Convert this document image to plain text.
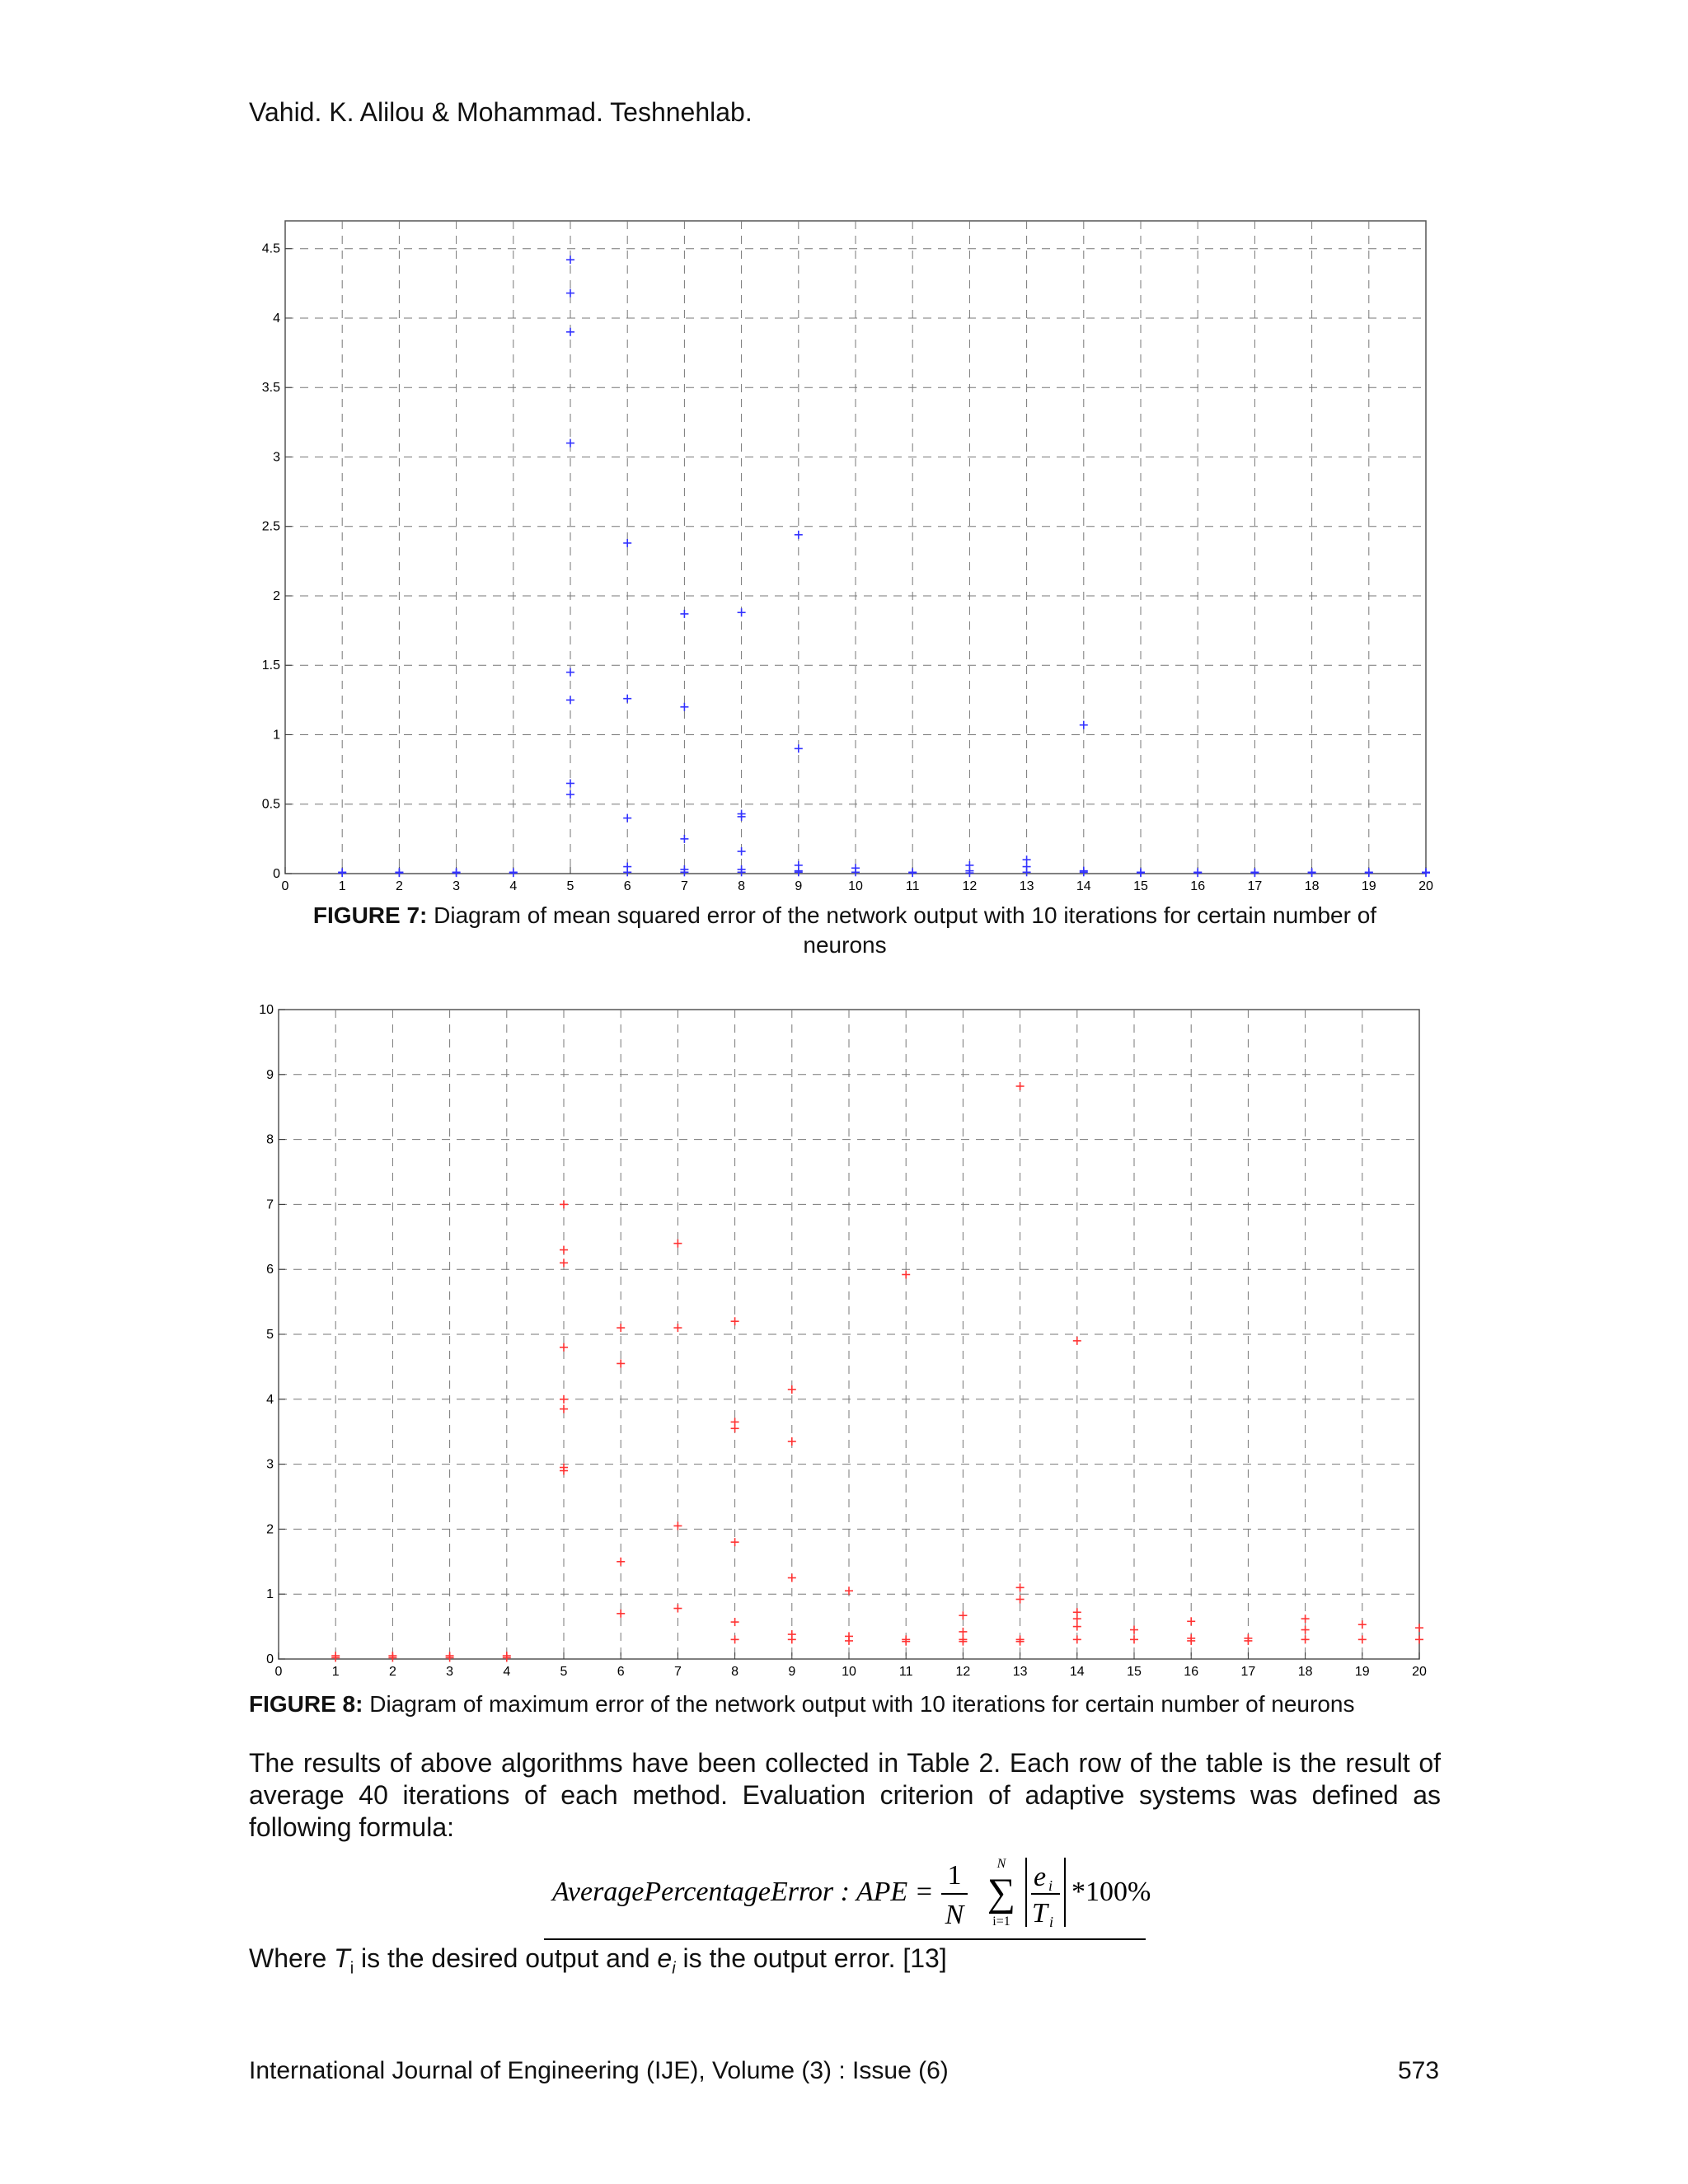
Vahid. K. Alilou & Mohammad. Teshnehlab.
0	1	2	3	4	5	6	7	8	9	10	11	12	13	14	15	16	17	18	19	20
0
0.5
1
1.5
2
2.5
3
3.5
4
4.5
FIGURE 7: Diagram of mean squared error of the network output with 10 iterations for certain number of
neurons
0	1	2	3	4	5	6	7	8	9	10	11	12	13	14	15	16	17	18	19	20
0
1
2
3
4
5
6
7
8
9
10
FIGURE 8: Diagram of maximum error of the network output with 10 iterations for certain number of neurons

The results of above algorithms have been collected in Table 2. Each row of the table is the result of average 40 iterations of each method. Evaluation criterion of adaptive systems was defined as following formula:

AveragePercentageError : APE =
1
N
N
∑
i=1
e i
T i
*100%
Where $T_i$ is the desired output and $e_i$ is the output error. [13]
International Journal of Engineering (IJE), Volume (3) : Issue (6)	573
